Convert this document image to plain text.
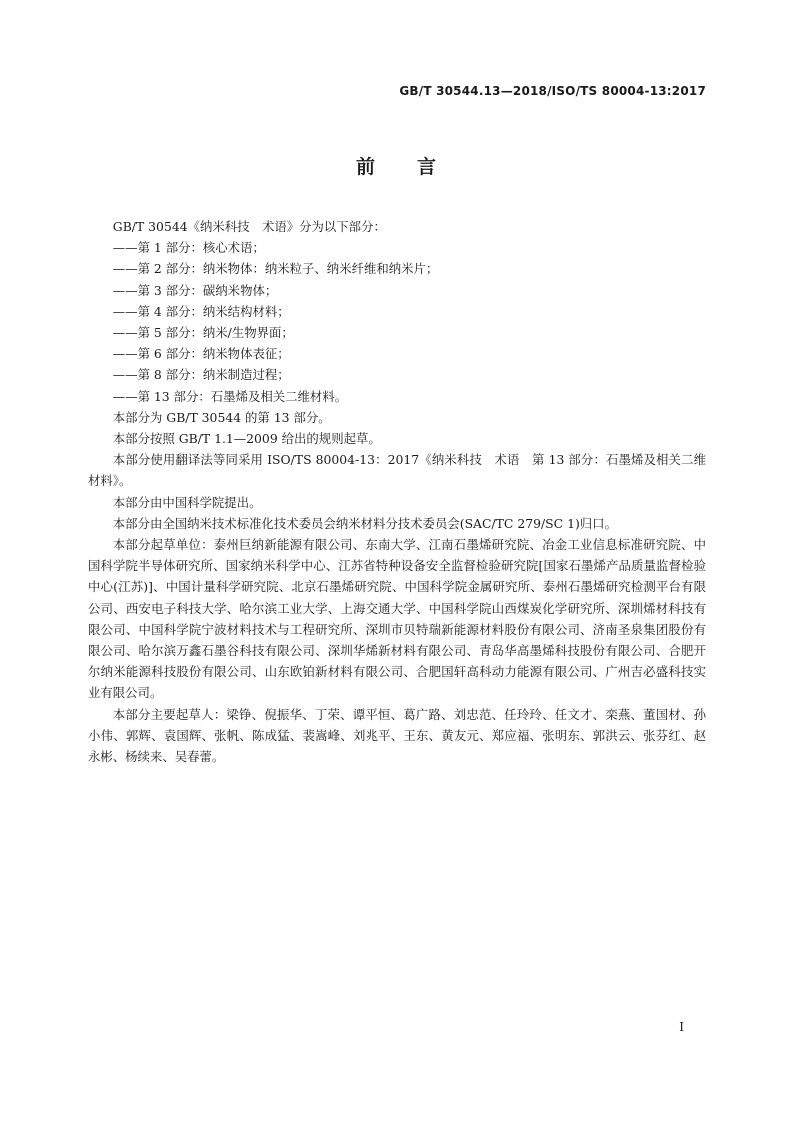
GB/T 30544.13—2018/ISO/TS 80004-13:2017
前 言

GB/T 30544《纳米科技　术语》分为以下部分：

——第 1 部分：核心术语；

——第 2 部分：纳米物体：纳米粒子、纳米纤维和纳米片；

——第 3 部分：碳纳米物体；

——第 4 部分：纳米结构材料；

——第 5 部分：纳米/生物界面；

——第 6 部分：纳米物体表征；

——第 8 部分：纳米制造过程；

——第 13 部分：石墨烯及相关二维材料。

本部分为 GB/T 30544 的第 13 部分。

本部分按照 GB/T 1.1—2009 给出的规则起草。

本部分使用翻译法等同采用 ISO/TS 80004-13：2017《纳米科技　术语　第 13 部分：石墨烯及相关二维材料》。

本部分由中国科学院提出。

本部分由全国纳米技术标准化技术委员会纳米材料分技术委员会(SAC/TC 279/SC 1)归口。

本部分起草单位：泰州巨纳新能源有限公司、东南大学、江南石墨烯研究院、冶金工业信息标准研究院、中国科学院半导体研究所、国家纳米科学中心、江苏省特种设备安全监督检验研究院[国家石墨烯产品质量监督检验中心(江苏)]、中国计量科学研究院、北京石墨烯研究院、中国科学院金属研究所、泰州石墨烯研究检测平台有限公司、西安电子科技大学、哈尔滨工业大学、上海交通大学、中国科学院山西煤炭化学研究所、深圳烯材科技有限公司、中国科学院宁波材料技术与工程研究所、深圳市贝特瑞新能源材料股份有限公司、济南圣泉集团股份有限公司、哈尔滨万鑫石墨谷科技有限公司、深圳华烯新材料有限公司、青岛华高墨烯科技股份有限公司、合肥开尔纳米能源科技股份有限公司、山东欧铂新材料有限公司、合肥国轩高科动力能源有限公司、广州吉必盛科技实业有限公司。

本部分主要起草人：梁铮、倪振华、丁荣、谭平恒、葛广路、刘忠范、任玲玲、任文才、栾燕、董国材、孙小伟、郭辉、袁国辉、张帆、陈成猛、裴嵩峰、刘兆平、王东、黄友元、郑应福、张明东、郭洪云、张芬红、赵永彬、杨续来、吴春蕾。

I
